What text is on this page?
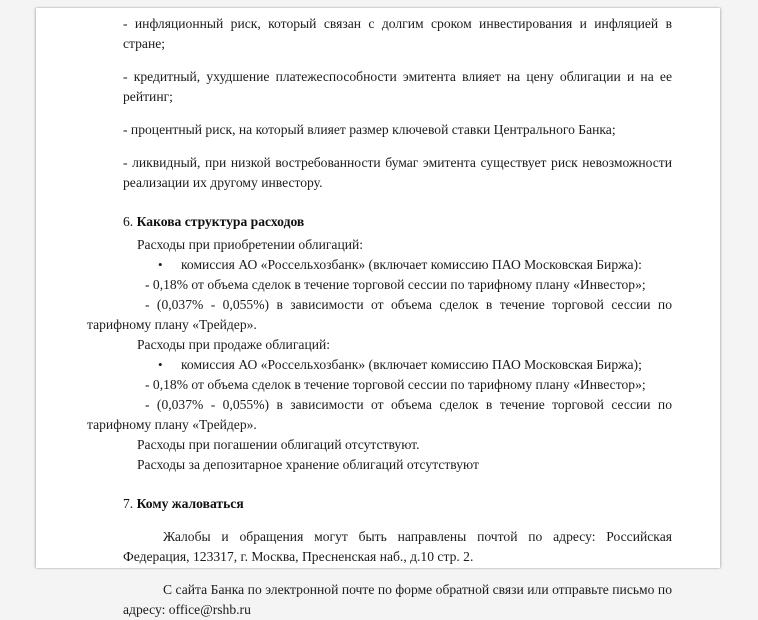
- инфляционный риск, который связан с долгим сроком инвестирования и инфляцией в стране;

- кредитный, ухудшение платежеспособности эмитента влияет на цену облигации и на ее рейтинг;

- процентный риск, на который влияет размер ключевой ставки Центрального Банка;

- ликвидный, при низкой востребованности бумаг эмитента существует риск невозможности реализации их другому инвестору.

6. Какова структура расходов

Расходы при приобретении облигаций:

• комиссия АО «Россельхозбанк» (включает комиссию ПАО Московская Биржа):

- 0,18% от объема сделок в течение торговой сессии по тарифному плану «Инвестор»;

- (0,037% - 0,055%) в зависимости от объема сделок в течение торговой сессии по

тарифному плану «Трейдер».

Расходы при продаже облигаций:

• комиссия АО «Россельхозбанк» (включает комиссию ПАО Московская Биржа);

- 0,18% от объема сделок в течение торговой сессии по тарифному плану «Инвестор»;

- (0,037% - 0,055%) в зависимости от объема сделок в течение торговой сессии по

тарифному плану «Трейдер».

Расходы при погашении облигаций отсутствуют.

Расходы за депозитарное хранение облигаций отсутствуют

7. Кому жаловаться

Жалобы и обращения могут быть направлены почтой по адресу: Российская Федерация, 123317, г. Москва, Пресненская наб., д.10 стр. 2.

С сайта Банка по электронной почте по форме обратной связи или отправьте письмо по адресу: office@rshb.ru
